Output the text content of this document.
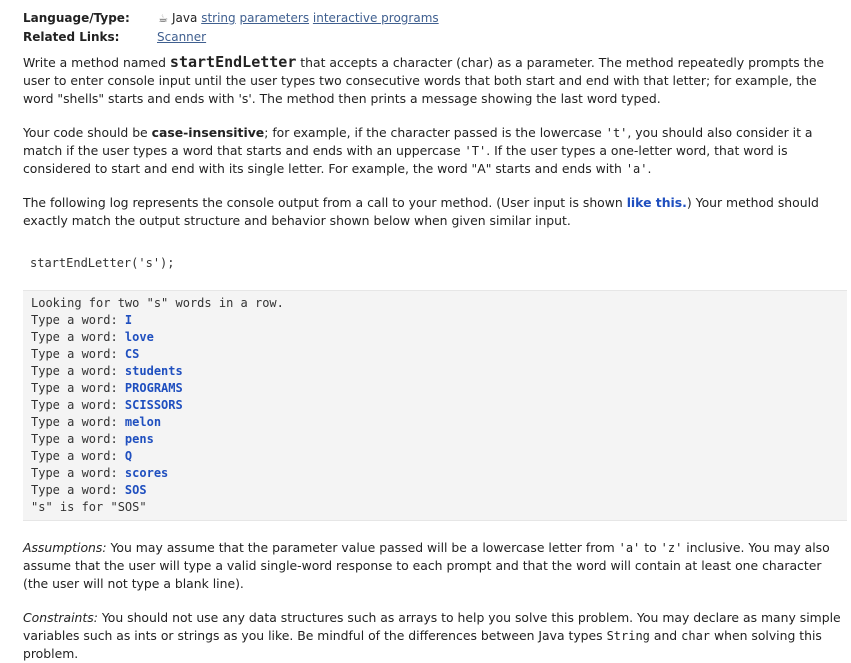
Language/Type:	☕ Java string parameters interactive programs
Related Links:	Scanner

Write a method named startEndLetter that accepts a character (char) as a parameter. The method repeatedly prompts the user to enter console input until the user types two consecutive words that both start and end with that letter; for example, the word "shells" starts and ends with 's'. The method then prints a message showing the last word typed.

Your code should be case-insensitive; for example, if the character passed is the lowercase 't', you should also consider it a match if the user types a word that starts and ends with an uppercase 'T'. If the user types a one-letter word, that word is considered to start and end with its single letter. For example, the word "A" starts and ends with 'a'.

The following log represents the console output from a call to your method. (User input is shown like this.) Your method should exactly match the output structure and behavior shown below when given similar input.

startEndLetter('s');
Looking for two "s" words in a row.
Type a word: I
Type a word: love
Type a word: CS
Type a word: students
Type a word: PROGRAMS
Type a word: SCISSORS
Type a word: melon
Type a word: pens
Type a word: Q
Type a word: scores
Type a word: SOS
"s" is for "SOS"

Assumptions: You may assume that the parameter value passed will be a lowercase letter from 'a' to 'z' inclusive. You may also assume that the user will type a valid single-word response to each prompt and that the word will contain at least one character (the user will not type a blank line).

Constraints: You should not use any data structures such as arrays to help you solve this problem. You may declare as many simple variables such as ints or strings as you like. Be mindful of the differences between Java types String and char when solving this problem.
